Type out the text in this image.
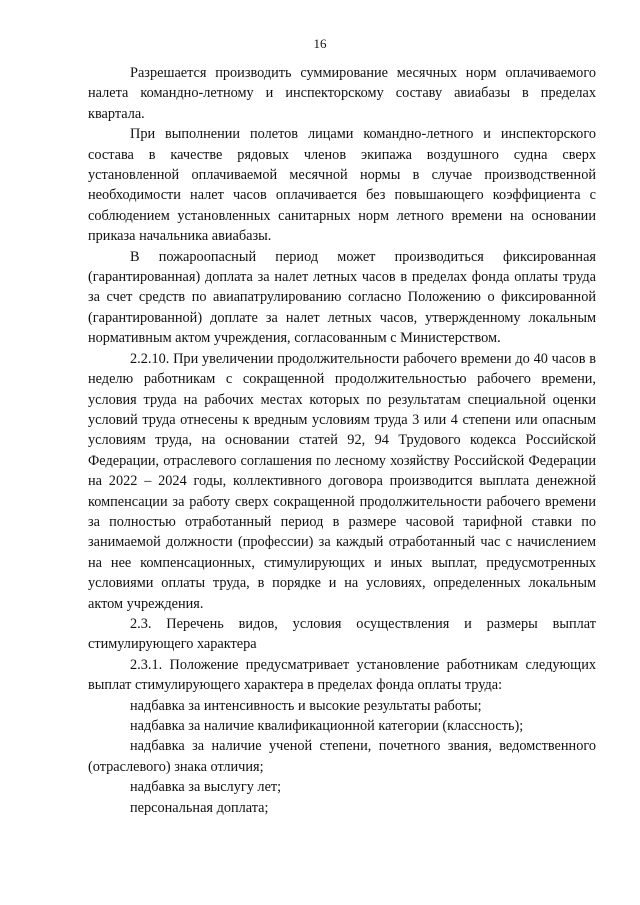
16

Разрешается производить суммирование месячных норм оплачиваемого налета командно-летному и инспекторскому составу авиабазы в пределах квартала.

При выполнении полетов лицами командно-летного и инспекторского состава в качестве рядовых членов экипажа воздушного судна сверх установленной оплачиваемой месячной нормы в случае производственной необходимости налет часов оплачивается без повышающего коэффициента с соблюдением установленных санитарных норм летного времени на основании приказа начальника авиабазы.

В пожароопасный период может производиться фиксированная (гарантированная) доплата за налет летных часов в пределах фонда оплаты труда за счет средств по авиапатрулированию согласно Положению о фиксированной (гарантированной) доплате за налет летных часов, утвержденному локальным нормативным актом учреждения, согласованным с Министерством.

2.2.10. При увеличении продолжительности рабочего времени до 40 часов в неделю работникам с сокращенной продолжительностью рабочего времени, условия труда на рабочих местах которых по результатам специальной оценки условий труда отнесены к вредным условиям труда 3 или 4 степени или опасным условиям труда, на основании статей 92, 94 Трудового кодекса Российской Федерации, отраслевого соглашения по лесному хозяйству Российской Федерации на 2022 – 2024 годы, коллективного договора производится выплата денежной компенсации за работу сверх сокращенной продолжительности рабочего времени за полностью отработанный период в размере часовой тарифной ставки по занимаемой должности (профессии) за каждый отработанный час с начислением на нее компенсационных, стимулирующих и иных выплат, предусмотренных условиями оплаты труда, в порядке и на условиях, определенных локальным актом учреждения.

2.3. Перечень видов, условия осуществления и размеры выплат стимулирующего характера

2.3.1. Положение предусматривает установление работникам следующих выплат стимулирующего характера в пределах фонда оплаты труда:

надбавка за интенсивность и высокие результаты работы;

надбавка за наличие квалификационной категории (классность);

надбавка за наличие ученой степени, почетного звания, ведомственного (отраслевого) знака отличия;

надбавка за выслугу лет;

персональная доплата;
